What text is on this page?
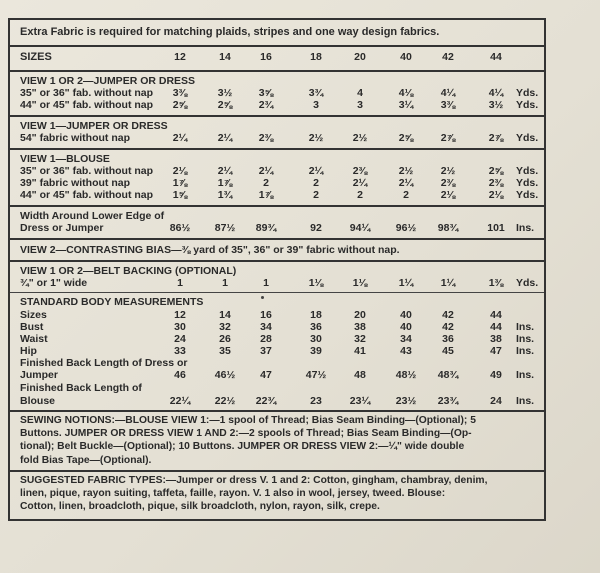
Extra Fabric is required for matching plaids, stripes and one way design fabrics.
SIZES	12	14	16	18	20	40	42	44
VIEW 1 OR 2—JUMPER OR DRESS
35" or 36" fab. without nap	3⅜	3½	3⅝	3¾	4	4⅛	4¼	4¼	Yds.
44" or 45" fab. without nap	2⅝	2⅝	2¾	3	3	3¼	3⅜	3½	Yds.
VIEW 1—JUMPER OR DRESS
54" fabric without nap	2¼	2¼	2⅜	2½	2½	2⅝	2⅞	2⅞	Yds.
VIEW 1—BLOUSE
35" or 36" fab. without nap	2⅛	2¼	2¼	2¼	2⅜	2½	2½	2⅝	Yds.
39" fabric without nap	1⅞	1⅞	2	2	2¼	2¼	2⅜	2⅜	Yds.
44" or 45" fab. without nap	1⅝	1¾	1⅞	2	2	2	2⅛	2⅛	Yds.
Width Around Lower Edge of
Dress or Jumper	86½	87½	89¾	92	94¼	96½	98¾	101	Ins.
VIEW 2—CONTRASTING BIAS—⅜ yard of 35", 36" or 39" fabric without nap.
VIEW 1 OR 2—BELT BACKING (OPTIONAL)
¾" or 1" wide	1	1	1	1⅛	1⅛	1¼	1¼	1⅜	Yds.
STANDARD BODY MEASUREMENTS
Sizes	12	14	16	18	20	40	42	44
Bust	30	32	34	36	38	40	42	44	Ins.
Waist	24	26	28	30	32	34	36	38	Ins.
Hip	33	35	37	39	41	43	45	47	Ins.
Finished Back Length of Dress or
Jumper	46	46½	47	47½	48	48½	48¾	49	Ins.
Finished Back Length of
Blouse	22¼	22½	22¾	23	23¼	23½	23¾	24	Ins.
SEWING NOTIONS:—BLOUSE VIEW 1:—1 spool of Thread; Bias Seam Binding—(Optional); 5
Buttons. JUMPER OR DRESS VIEW 1 AND 2:—2 spools of Thread; Bias Seam Binding—(Op-
tional); Belt Buckle—(Optional); 10 Buttons. JUMPER OR DRESS VIEW 2:—¼" wide double
fold Bias Tape—(Optional).
SUGGESTED FABRIC TYPES:—Jumper or dress V. 1 and 2: Cotton, gingham, chambray, denim,
linen, pique, rayon suiting, taffeta, faille, rayon. V. 1 also in wool, jersey, tweed. Blouse:
Cotton, linen, broadcloth, pique, silk broadcloth, nylon, rayon, silk, crepe.
